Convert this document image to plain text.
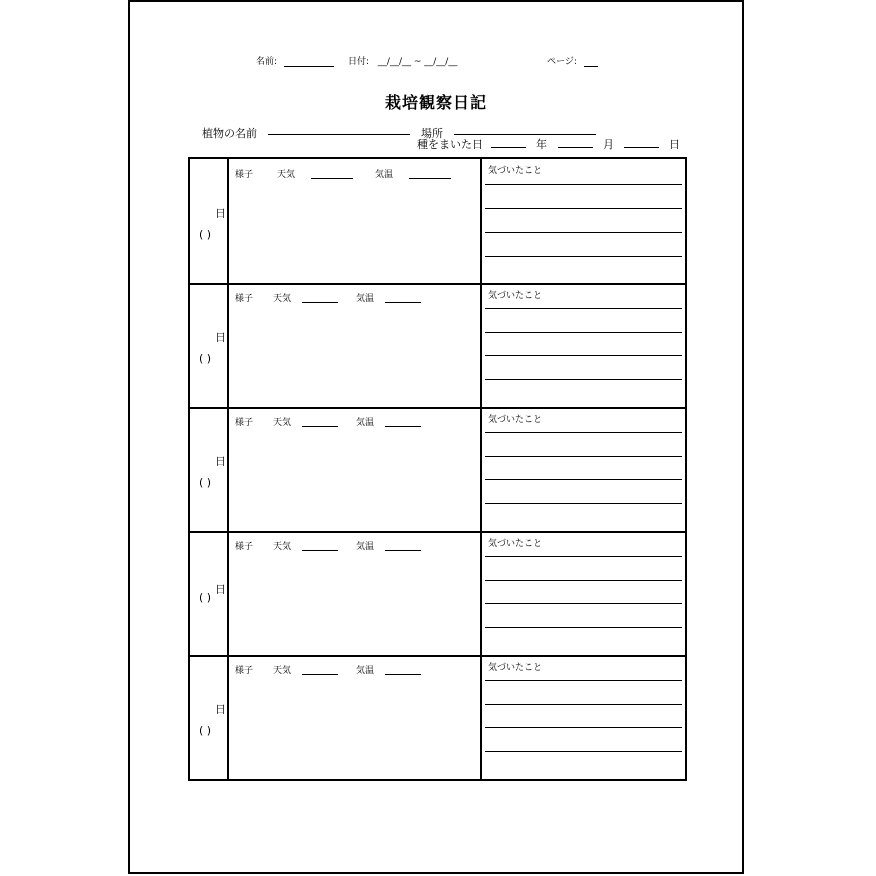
名前:	日付: __/__/__ ~ __/__/__	ページ:
栽培観察日記
植物の名前	場所
種をまいた日	年	月	日
日
( )
様子	天気	気温	気づいたこと
日
( )
様子 天気	気温	気づいたこと
日
( )
様子 天気	気温	気づいたこと
日
( )
様子 天気	気温	気づいたこと
日
( )
様子 天気	気温	気づいたこと
